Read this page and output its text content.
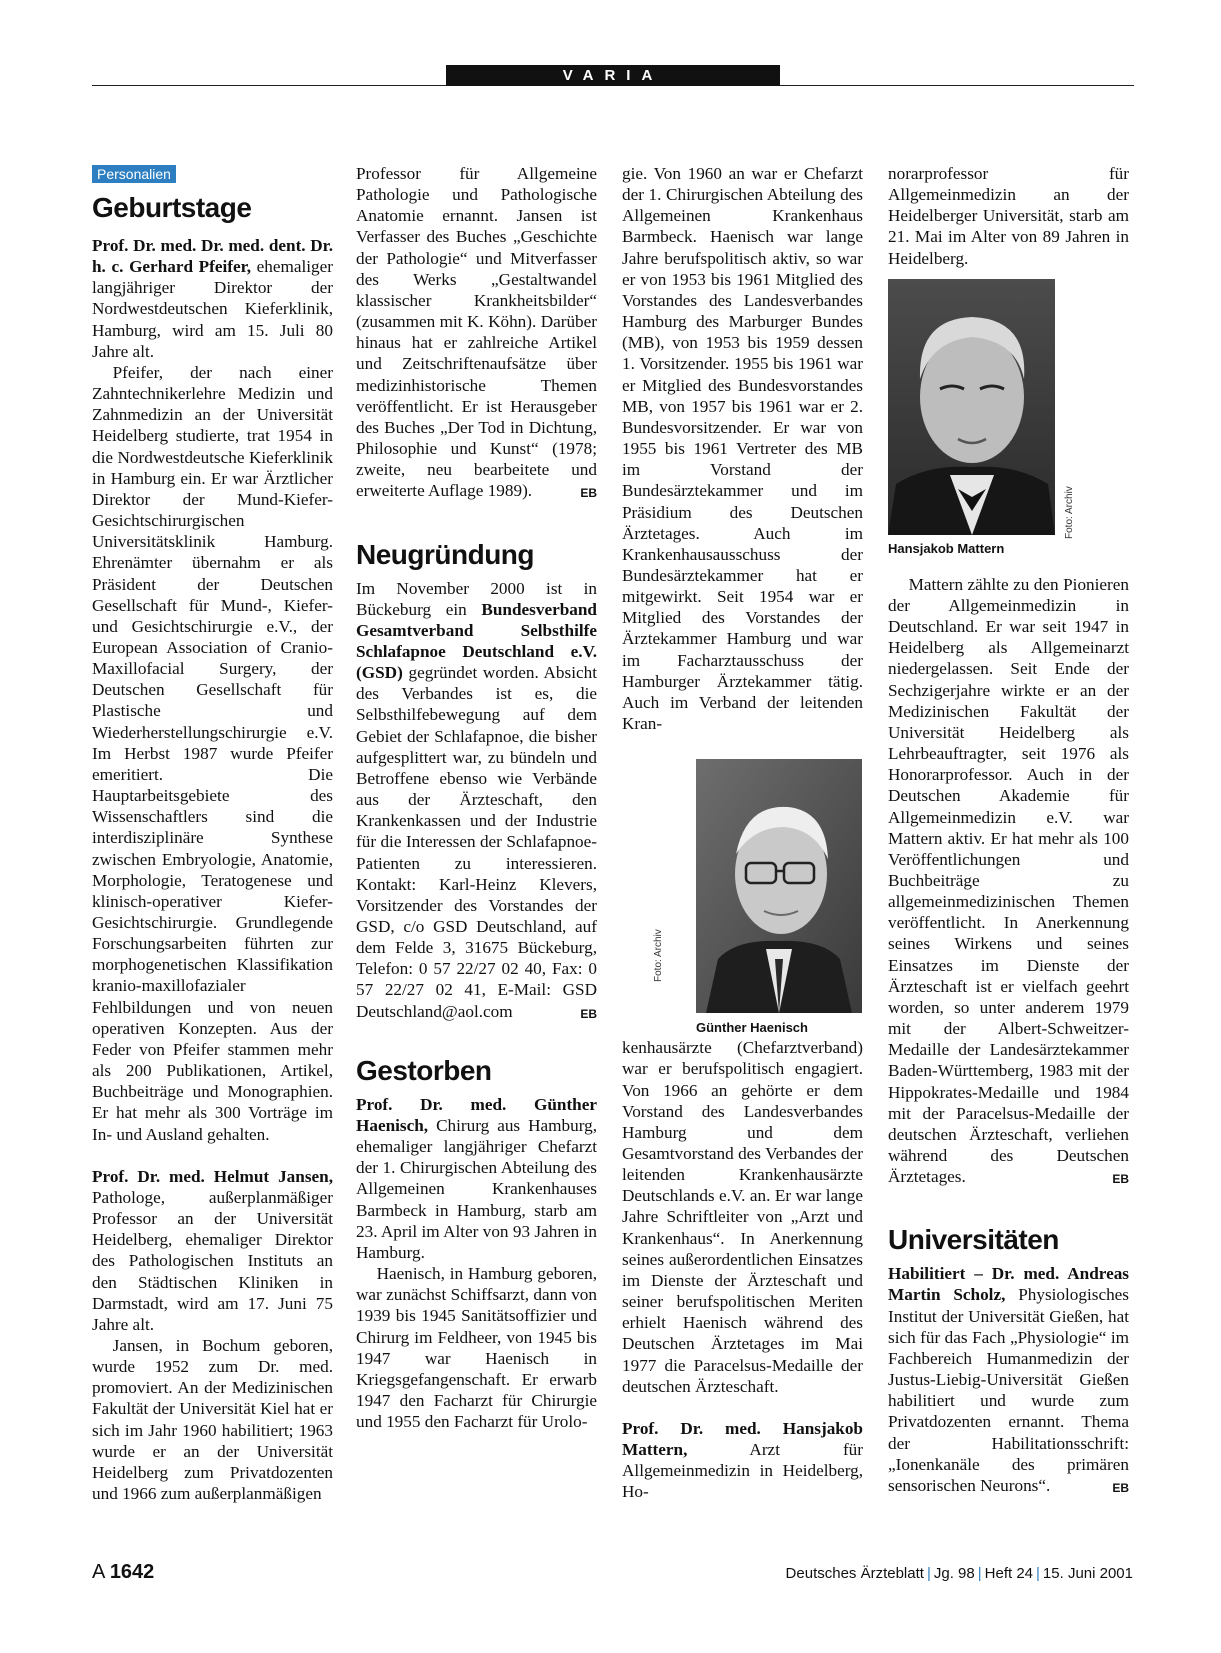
VARIA
Personalien
Geburtstage

Prof. Dr. med. Dr. med. dent. Dr. h. c. Gerhard Pfeifer, ehemaliger langjähriger Direktor der Nordwestdeutschen Kieferklinik, Hamburg, wird am 15. Juli 80 Jahre alt.

Pfeifer, der nach einer Zahntechnikerlehre Medizin und Zahnmedizin an der Universität Heidelberg studierte, trat 1954 in die Nordwestdeutsche Kieferklinik in Hamburg ein. Er war Ärztlicher Direktor der Mund-Kiefer-Gesichtschirurgischen Universitätsklinik Hamburg. Ehrenämter übernahm er als Präsident der Deutschen Gesellschaft für Mund-, Kiefer- und Gesichtschirurgie e.V., der European Association of Cranio-Maxillofacial Surgery, der Deutschen Gesellschaft für Plastische und Wiederherstellungschirurgie e.V. Im Herbst 1987 wurde Pfeifer emeritiert. Die Hauptarbeitsgebiete des Wissenschaftlers sind die interdisziplinäre Synthese zwischen Embryologie, Anatomie, Morphologie, Teratogenese und klinisch-operativer Kiefer-Gesichtschirurgie. Grundlegende Forschungsarbeiten führten zur morphogenetischen Klassifikation kranio-maxillofazialer Fehlbildungen und von neuen operativen Konzepten. Aus der Feder von Pfeifer stammen mehr als 200 Publikationen, Artikel, Buchbeiträge und Monographien. Er hat mehr als 300 Vorträge im In- und Ausland gehalten.

Prof. Dr. med. Helmut Jansen, Pathologe, außerplanmäßiger Professor an der Universität Heidelberg, ehemaliger Direktor des Pathologischen Instituts an den Städtischen Kliniken in Darmstadt, wird am 17. Juni 75 Jahre alt.

Jansen, in Bochum geboren, wurde 1952 zum Dr. med. promoviert. An der Medizinischen Fakultät der Universität Kiel hat er sich im Jahr 1960 habilitiert; 1963 wurde er an der Universität Heidelberg zum Privatdozenten und 1966 zum außerplanmäßigen

Professor für Allgemeine Pathologie und Pathologische Anatomie ernannt. Jansen ist Verfasser des Buches „Geschichte der Pathologie“ und Mitverfasser des Werks „Gestaltwandel klassischer Krankheitsbilder“ (zusammen mit K. Köhn). Darüber hinaus hat er zahlreiche Artikel und Zeitschriftenaufsätze über medizinhistorische Themen veröffentlicht. Er ist Herausgeber des Buches „Der Tod in Dichtung, Philosophie und Kunst“ (1978; zweite, neu bearbeitete und erweiterte Auflage 1989).	EB

Neugründung

Im November 2000 ist in Bückeburg ein Bundesverband Gesamtverband Selbsthilfe Schlafapnoe Deutschland e.V. (GSD) gegründet worden. Absicht des Verbandes ist es, die Selbsthilfebewegung auf dem Gebiet der Schlafapnoe, die bisher aufgesplittert war, zu bündeln und Betroffene ebenso wie Verbände aus der Ärzteschaft, den Krankenkassen und der Industrie für die Interessen der Schlafapnoe-Patienten zu interessieren. Kontakt: Karl-Heinz Klevers, Vorsitzender des Vorstandes der GSD, c/o GSD Deutschland, auf dem Felde 3, 31675 Bückeburg, Telefon: 0 57 22/27 02 40, Fax: 0 57 22/27 02 41, E-Mail: GSD Deutschland@aol.com	EB

Gestorben

Prof. Dr. med. Günther Haenisch, Chirurg aus Hamburg, ehemaliger langjähriger Chefarzt der 1. Chirurgischen Abteilung des Allgemeinen Krankenhauses Barmbeck in Hamburg, starb am 23. April im Alter von 93 Jahren in Hamburg.

Haenisch, in Hamburg geboren, war zunächst Schiffsarzt, dann von 1939 bis 1945 Sanitätsoffizier und Chirurg im Feldheer, von 1945 bis 1947 war Haenisch in Kriegsgefangenschaft. Er erwarb 1947 den Facharzt für Chirurgie und 1955 den Facharzt für Urolo-

gie. Von 1960 an war er Chefarzt der 1. Chirurgischen Abteilung des Allgemeinen Krankenhaus Barmbeck. Haenisch war lange Jahre berufspolitisch aktiv, so war er von 1953 bis 1961 Mitglied des Vorstandes des Landesverbandes Hamburg des Marburger Bundes (MB), von 1953 bis 1959 dessen 1. Vorsitzender. 1955 bis 1961 war er Mitglied des Bundesvorstandes MB, von 1957 bis 1961 war er 2. Bundesvorsitzender. Er war von 1955 bis 1961 Vertreter des MB im Vorstand der Bundesärztekammer und im Präsidium des Deutschen Ärztetages. Auch im Krankenhausausschuss der Bundesärztekammer hat er mitgewirkt. Seit 1954 war er Mitglied des Vorstandes der Ärztekammer Hamburg und war im Facharztausschuss der Hamburger Ärztekammer tätig. Auch im Verband der leitenden Kran-

Foto: Archiv
Günther Haenisch

kenhausärzte (Chefarztverband) war er berufspolitisch engagiert. Von 1966 an gehörte er dem Vorstand des Landesverbandes Hamburg und dem Gesamtvorstand des Verbandes der leitenden Krankenhausärzte Deutschlands e.V. an. Er war lange Jahre Schriftleiter von „Arzt und Krankenhaus“. In Anerkennung seines außerordentlichen Einsatzes im Dienste der Ärzteschaft und seiner berufspolitischen Meriten erhielt Haenisch während des Deutschen Ärztetages im Mai 1977 die Paracelsus-Medaille der deutschen Ärzteschaft.

Prof. Dr. med. Hansjakob Mattern, Arzt für Allgemeinmedizin in Heidelberg, Ho-

norarprofessor für Allgemeinmedizin an der Heidelberger Universität, starb am 21. Mai im Alter von 89 Jahren in Heidelberg.

Foto: Archiv
Hansjakob Mattern

Mattern zählte zu den Pionieren der Allgemeinmedizin in Deutschland. Er war seit 1947 in Heidelberg als Allgemeinarzt niedergelassen. Seit Ende der Sechzigerjahre wirkte er an der Medizinischen Fakultät der Universität Heidelberg als Lehrbeauftragter, seit 1976 als Honorarprofessor. Auch in der Deutschen Akademie für Allgemeinmedizin e.V. war Mattern aktiv. Er hat mehr als 100 Veröffentlichungen und Buchbeiträge zu allgemeinmedizinischen Themen veröffentlicht. In Anerkennung seines Wirkens und seines Einsatzes im Dienste der Ärzteschaft ist er vielfach geehrt worden, so unter anderem 1979 mit der Albert-Schweitzer-Medaille der Landesärztekammer Baden-Württemberg, 1983 mit der Hippokrates-Medaille und 1984 mit der Paracelsus-Medaille der deutschen Ärzteschaft, verliehen während des Deutschen Ärztetages.	EB

Universitäten

Habilitiert – Dr. med. Andreas Martin Scholz, Physiologisches Institut der Universität Gießen, hat sich für das Fach „Physiologie“ im Fachbereich Humanmedizin der Justus-Liebig-Universität Gießen habilitiert und wurde zum Privatdozenten ernannt. Thema der Habilitationsschrift: „Ionenkanäle des primären sensorischen Neurons“.	EB

A 1642	Deutsches Ärzteblatt | Jg. 98 | Heft 24 | 15. Juni 2001
